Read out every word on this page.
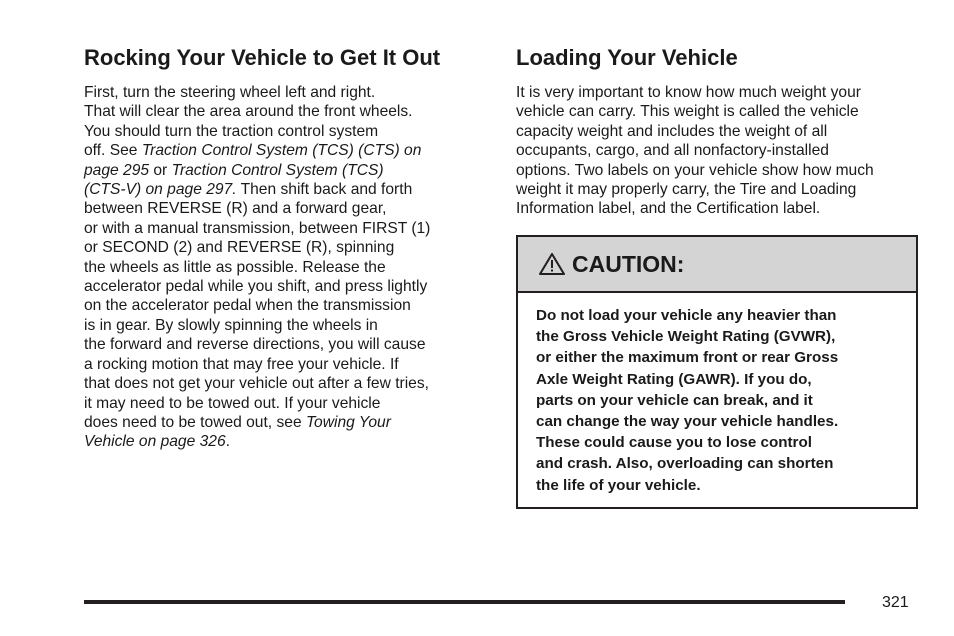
Rocking Your Vehicle to Get It Out
First, turn the steering wheel left and right.
That will clear the area around the front wheels.
You should turn the traction control system
off. See Traction Control System (TCS) (CTS) on
page 295 or Traction Control System (TCS)
(CTS-V) on page 297. Then shift back and forth
between REVERSE (R) and a forward gear,
or with a manual transmission, between FIRST (1)
or SECOND (2) and REVERSE (R), spinning
the wheels as little as possible. Release the
accelerator pedal while you shift, and press lightly
on the accelerator pedal when the transmission
is in gear. By slowly spinning the wheels in
the forward and reverse directions, you will cause
a rocking motion that may free your vehicle. If
that does not get your vehicle out after a few tries,
it may need to be towed out. If your vehicle
does need to be towed out, see Towing Your
Vehicle on page 326.
Loading Your Vehicle
It is very important to know how much weight your
vehicle can carry. This weight is called the vehicle
capacity weight and includes the weight of all
occupants, cargo, and all nonfactory-installed
options. Two labels on your vehicle show how much
weight it may properly carry, the Tire and Loading
Information label, and the Certification label.
CAUTION:
Do not load your vehicle any heavier than
the Gross Vehicle Weight Rating (GVWR),
or either the maximum front or rear Gross
Axle Weight Rating (GAWR). If you do,
parts on your vehicle can break, and it
can change the way your vehicle handles.
These could cause you to lose control
and crash. Also, overloading can shorten
the life of your vehicle.
321
